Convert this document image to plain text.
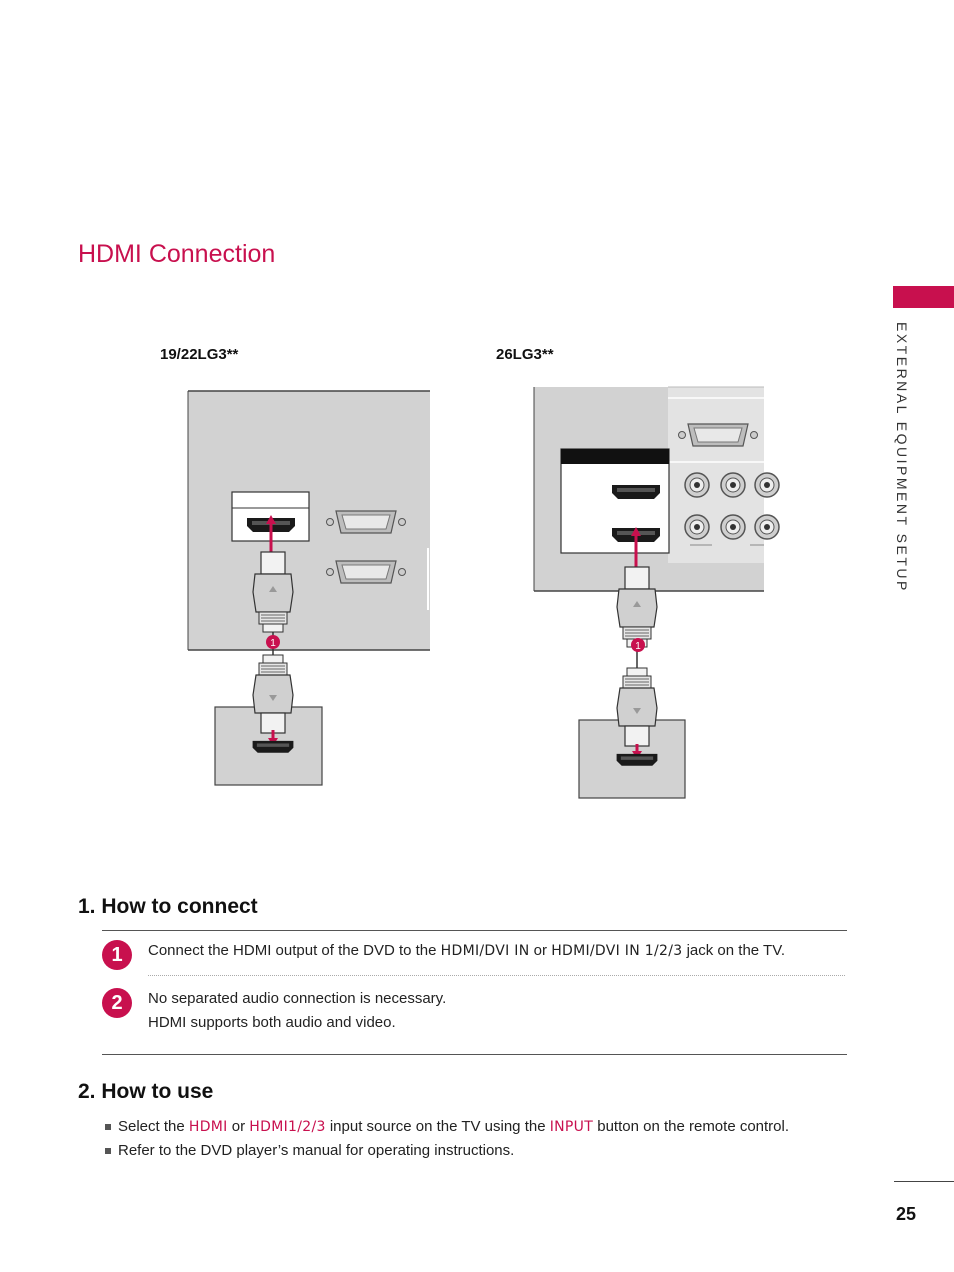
HDMI Connection
EXTERNAL EQUIPMENT SETUP
19/22LG3**	26LG3**
1	1
1. How to connect
1	Connect the HDMI output of the DVD to the HDMI/DVI IN or HDMI/DVI IN 1/2/3 jack on the TV.
2	No separated audio connection is necessary.
HDMI supports both audio and video.
2. How to use
Select the HDMI or HDMI1/2/3 input source on the TV using the INPUT button on the remote control.
Refer to the DVD player’s manual for operating instructions.
25
